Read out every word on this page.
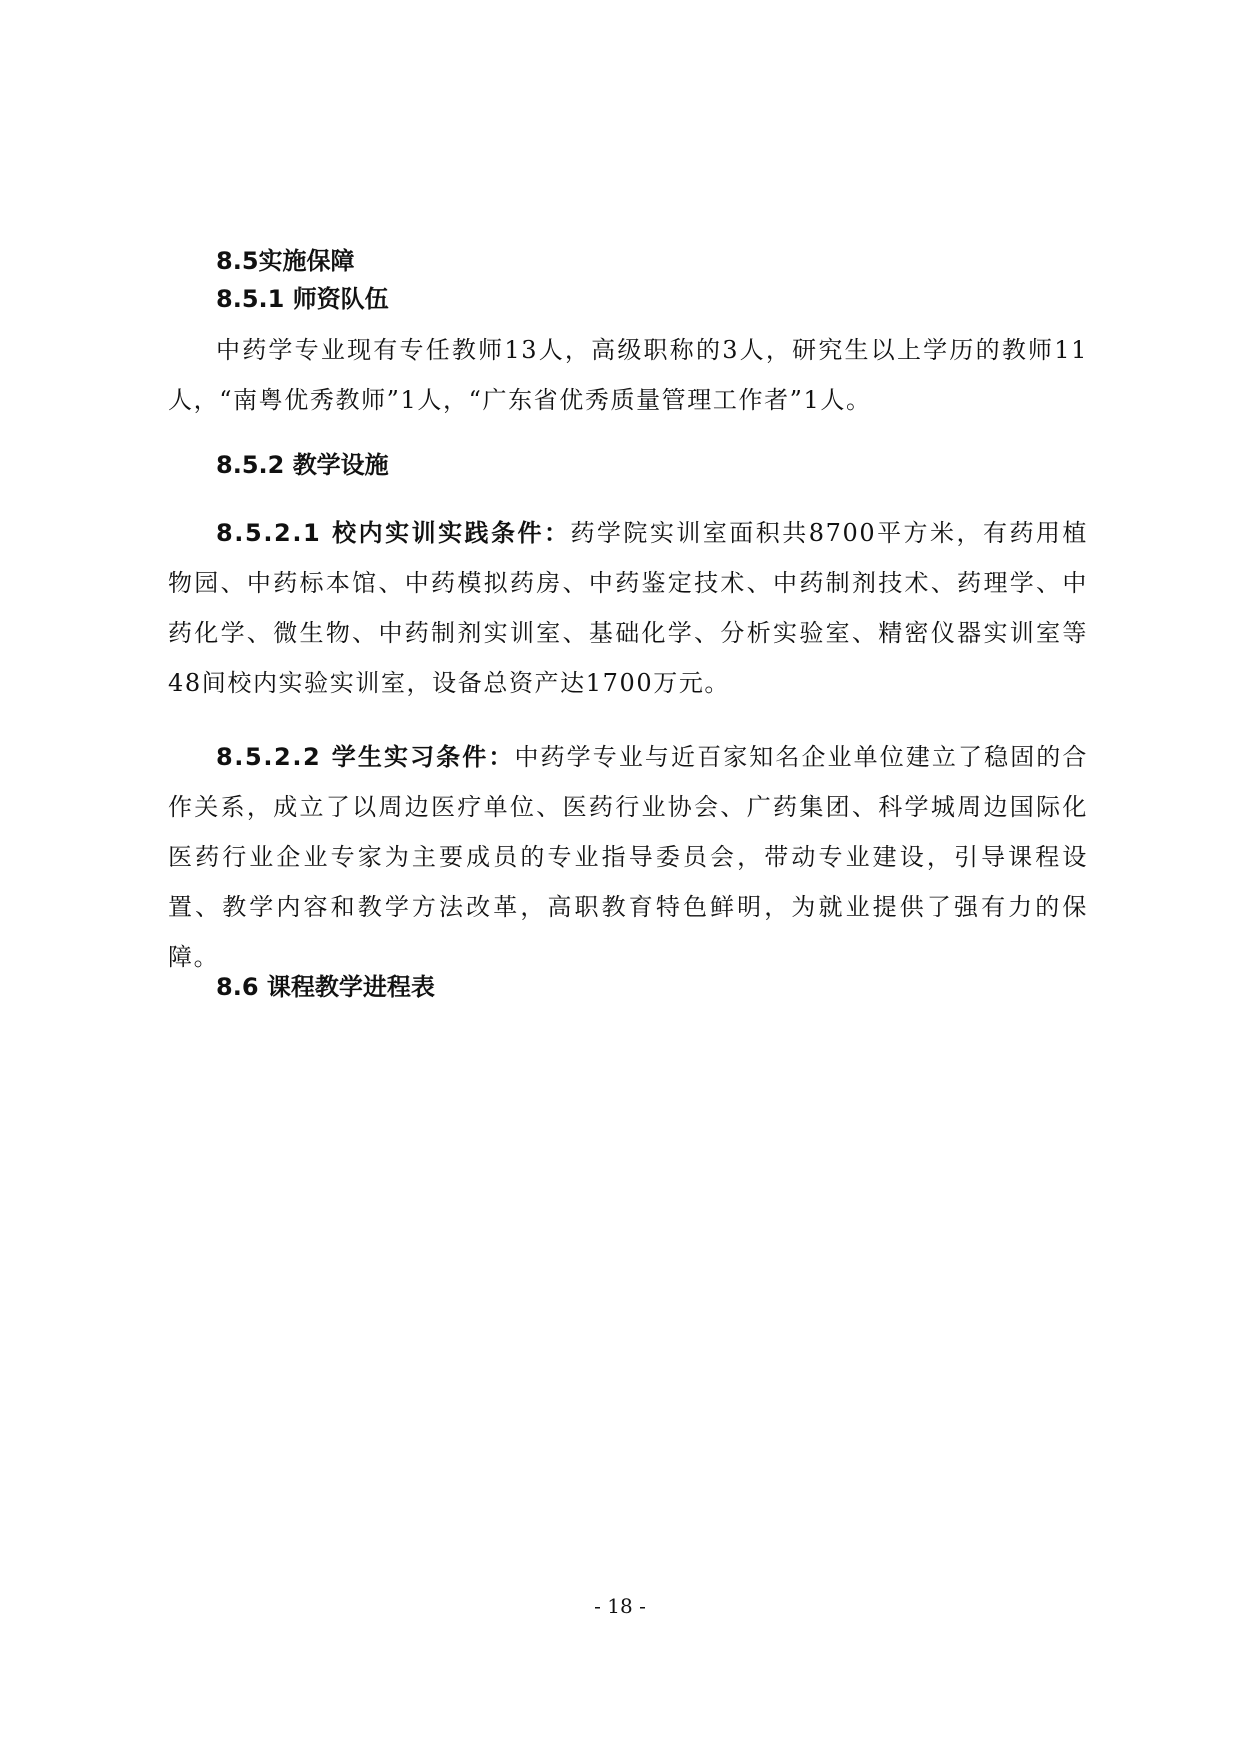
8.5实施保障
8.5.1 师资队伍
中药学专业现有专任教师13人，高级职称的3人，研究生以上学历的教师11人，“南粤优秀教师”1人，“广东省优秀质量管理工作者”1人。
8.5.2 教学设施
8.5.2.1 校内实训实践条件：药学院实训室面积共8700平方米，有药用植物园、中药标本馆、中药模拟药房、中药鉴定技术、中药制剂技术、药理学、中药化学、微生物、中药制剂实训室、基础化学、分析实验室、精密仪器实训室等48间校内实验实训室，设备总资产达1700万元。
8.5.2.2 学生实习条件：中药学专业与近百家知名企业单位建立了稳固的合作关系，成立了以周边医疗单位、医药行业协会、广药集团、科学城周边国际化医药行业企业专家为主要成员的专业指导委员会，带动专业建设，引导课程设置、教学内容和教学方法改革，高职教育特色鲜明，为就业提供了强有力的保障。
8.6 课程教学进程表
- 18 -
